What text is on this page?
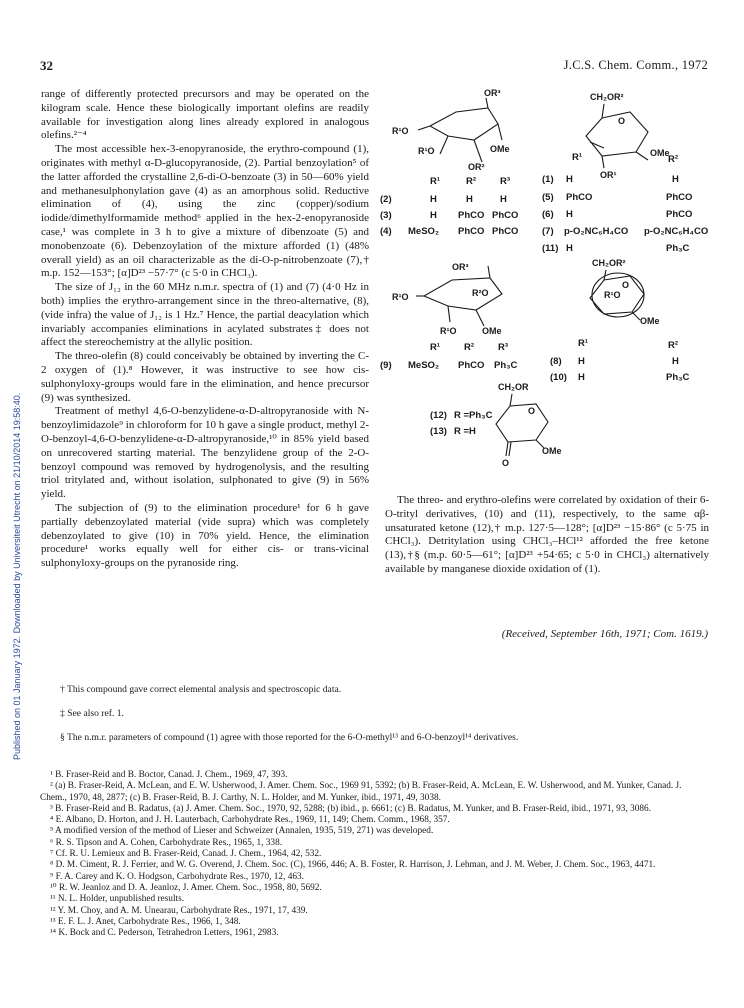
Published on 01 January 1972. Downloaded by Universiteit Utrecht on 21/10/2014 19:58:40.
32	J.C.S. Chem. Comm., 1972

range of differently protected precursors and may be operated on the kilogram scale. Hence these biologically important olefins are readily available for investigation along lines already explored in analogous olefins.²⁻⁴

The most accessible hex-3-enopyranoside, the erythro-compound (1), originates with methyl α-D-glucopyranoside, (2). Partial benzoylation⁵ of the latter afforded the crystalline 2,6-di-O-benzoate (3) in 50—60% yield and methanesulphonylation gave (4) as an amorphous solid. Reductive elimination of (4), using the zinc (copper)/sodium iodide/dimethylformamide method⁶ applied in the hex-2-enopyranoside case,¹ was complete in 3 h to give a mixture of dibenzoate (5) and monobenzoate (6). Debenzoylation of the mixture afforded (1) (48% overall yield) as an oil characterizable as the di-O-p-nitrobenzoate (7),† m.p. 152—153°; [α]D²³ −57·7° (c 5·0 in CHCl₃).

The size of J₁₂ in the 60 MHz n.m.r. spectra of (1) and (7) (4·0 Hz in both) implies the erythro-arrangement since in the threo-alternative, (8), (vide infra) the value of J₁₂ is 1 Hz.⁷ Hence, the partial deacylation which invariably accompanies eliminations in acylated substrates‡ does not affect the stereochemistry at the allylic position.

The threo-olefin (8) could conceivably be obtained by inverting the C-2 oxygen of (1).⁸ However, it was instructive to see how cis-sulphonyloxy-groups would fare in the elimination, and hence precursor (9) was synthesized.

Treatment of methyl 4,6-O-benzylidene-α-D-altropyranoside with N-benzoylimidazole⁹ in chloroform for 10 h gave a single product, methyl 2-O-benzoyl-4,6-O-benzylidene-α-D-altropyranoside,¹⁰ in 85% yield based on unrecovered starting material. The benzylidene group of the 2-O-benzoyl compound was removed by hydrogenolysis, and the resulting triol tritylated and, without isolation, sulphonated to give (9) in 56% yield.

The subjection of (9) to the elimination procedure¹ for 6 h gave partially debenzoylated material (vide supra) which was completely debenzoylated to give (10) in 70% yield. Hence, the elimination procedure¹ works equally well for either cis- or trans-vicinal sulphonyloxy-groups on the pyranoside ring.

OR³
R¹O
R¹O
OR²
OMe
R¹	R²	R³
(2)	H	H	H
(3)	H PhCO PhCO
(4) MeSO₂ PhCO PhCO
CH₂OR²
O
OMe
OR¹
R¹	R²
(1) H	H
(5) PhCO	PhCO
(6) H	PhCO
(7) p-O₂NC₆H₄CO p-O₂NC₆H₄CO
(11) H	Ph₃C
OR³
R¹O	R²O
R¹O	OMe
R¹	R²	R³
(9) MeSO₂ PhCO Ph₃C
CH₂OR²
O
R¹O
OMe
R¹	R²
(8) H	H
(10) H	Ph₃C
CH₂OR
O
O
OMe
(12) R =Ph₃C
(13) R =H

The threo- and erythro-olefins were correlated by oxidation of their 6-O-trityl derivatives, (10) and (11), respectively, to the same αβ-unsaturated ketone (12),† m.p. 127·5—128°; [α]D²³ −15·86° (c 5·75 in CHCl₃). Detritylation using CHCl₃–HCl¹² afforded the free ketone (13),†§ (m.p. 60·5—61°; [α]D²³ +54·65; c 5·0 in CHCl₃) alternatively available by manganese dioxide oxidation of (1).

(Received, September 16th, 1971; Com. 1619.)
† This compound gave correct elemental analysis and spectroscopic data.
‡ See also ref. 1.
§ The n.m.r. parameters of compound (1) agree with those reported for the 6-O-methyl¹³ and 6-O-benzoyl¹⁴ derivatives.
¹ B. Fraser-Reid and B. Boctor, Canad. J. Chem., 1969, 47, 393.
² (a) B. Fraser-Reid, A. McLean, and E. W. Usherwood, J. Amer. Chem. Soc., 1969 91, 5392; (b) B. Fraser-Reid, A. McLean, E. W. Usherwood, and M. Yunker, Canad. J. Chem., 1970, 48, 2877; (c) B. Fraser-Reid, B. J. Carthy, N. L. Holder, and M. Yunker, ibid., 1971, 49, 3038.
³ B. Fraser-Reid and B. Radatus, (a) J. Amer. Chem. Soc., 1970, 92, 5288; (b) ibid., p. 6661; (c) B. Radatus, M. Yunker, and B. Fraser-Reid, ibid., 1971, 93, 3086.
⁴ E. Albano, D. Horton, and J. H. Lauterbach, Carbohydrate Res., 1969, 11, 149; Chem. Comm., 1968, 357.
⁵ A modified version of the method of Lieser and Schweizer (Annalen, 1935, 519, 271) was developed.
⁶ R. S. Tipson and A. Cohen, Carbohydrate Res., 1965, 1, 338.
⁷ Cf. R. U. Lemieux and B. Fraser-Reid, Canad. J. Chem., 1964, 42, 532.
⁸ D. M. Ciment, R. J. Ferrier, and W. G. Overend, J. Chem. Soc. (C), 1966, 446; A. B. Foster, R. Harrison, J. Lehman, and J. M. Weber, J. Chem. Soc., 1963, 4471.
⁹ F. A. Carey and K. O. Hodgson, Carbohydrate Res., 1970, 12, 463.
¹⁰ R. W. Jeanloz and D. A. Jeanloz, J. Amer. Chem. Soc., 1958, 80, 5692.
¹¹ N. L. Holder, unpublished results.
¹² Y. M. Choy, and A. M. Unearau, Carbohydrate Res., 1971, 17, 439.
¹³ E. F. L. J. Anet, Carbohydrate Res., 1966, 1, 348.
¹⁴ K. Bock and C. Pederson, Tetrahedron Letters, 1961, 2983.
